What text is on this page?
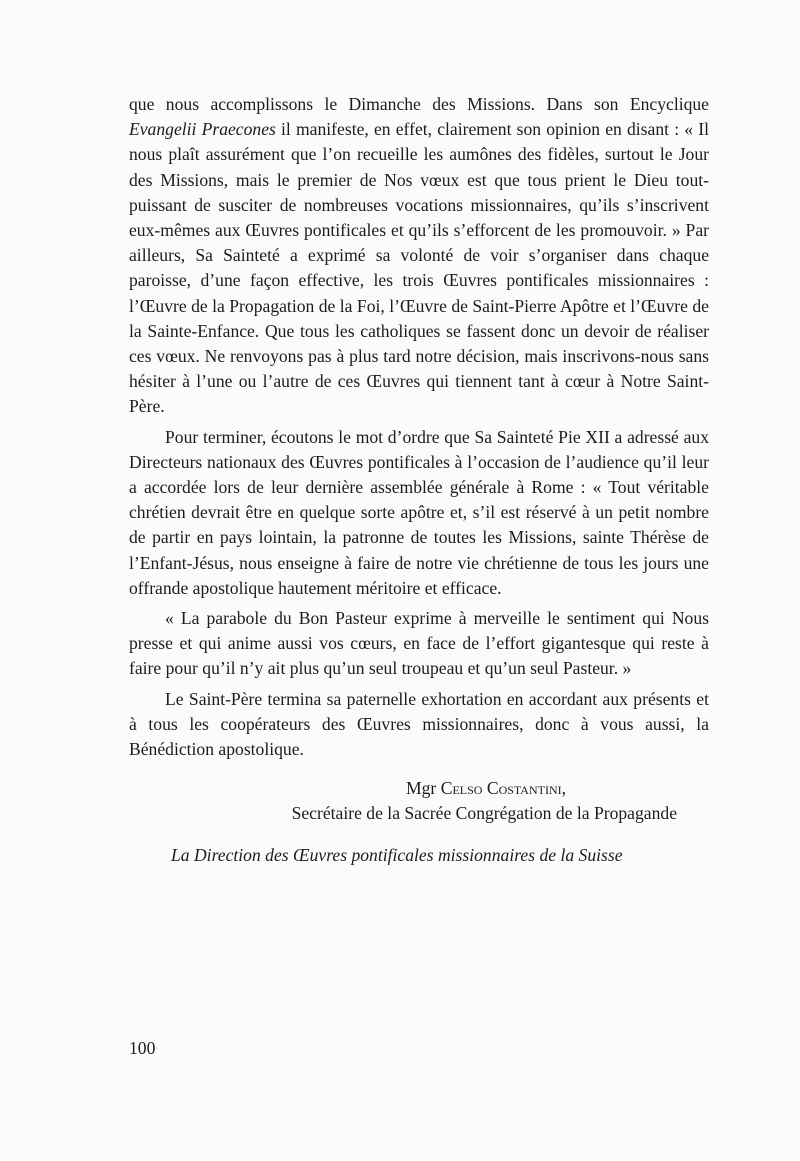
que nous accomplissons le Dimanche des Missions. Dans son Encyclique Evangelii Praecones il manifeste, en effet, clairement son opinion en disant : « Il nous plaît assurément que l’on recueille les aumônes des fidèles, surtout le Jour des Missions, mais le premier de Nos vœux est que tous prient le Dieu tout-puissant de susciter de nombreuses vocations missionnaires, qu’ils s’inscrivent eux-mêmes aux Œuvres pontificales et qu’ils s’efforcent de les promouvoir. » Par ailleurs, Sa Sainteté a exprimé sa volonté de voir s’organiser dans chaque paroisse, d’une façon effective, les trois Œuvres pontificales missionnaires : l’Œuvre de la Propagation de la Foi, l’Œuvre de Saint-Pierre Apôtre et l’Œuvre de la Sainte-Enfance. Que tous les catholiques se fassent donc un devoir de réaliser ces vœux. Ne renvoyons pas à plus tard notre décision, mais inscrivons-nous sans hésiter à l’une ou l’autre de ces Œuvres qui tiennent tant à cœur à Notre Saint-Père.

Pour terminer, écoutons le mot d’ordre que Sa Sainteté Pie XII a adressé aux Directeurs nationaux des Œuvres pontificales à l’occasion de l’audience qu’il leur a accordée lors de leur dernière assemblée générale à Rome : « Tout véritable chrétien devrait être en quelque sorte apôtre et, s’il est réservé à un petit nombre de partir en pays lointain, la patronne de toutes les Missions, sainte Thérèse de l’Enfant-Jésus, nous enseigne à faire de notre vie chrétienne de tous les jours une offrande apostolique hautement méritoire et efficace.

« La parabole du Bon Pasteur exprime à merveille le sentiment qui Nous presse et qui anime aussi vos cœurs, en face de l’effort gigantesque qui reste à faire pour qu’il n’y ait plus qu’un seul troupeau et qu’un seul Pasteur. »

Le Saint-Père termina sa paternelle exhortation en accordant aux présents et à tous les coopérateurs des Œuvres missionnaires, donc à vous aussi, la Bénédiction apostolique.

Mgr Celso Costantini,
Secrétaire de la Sacrée Congrégation de la Propagande
La Direction des Œuvres pontificales missionnaires de la Suisse
100
